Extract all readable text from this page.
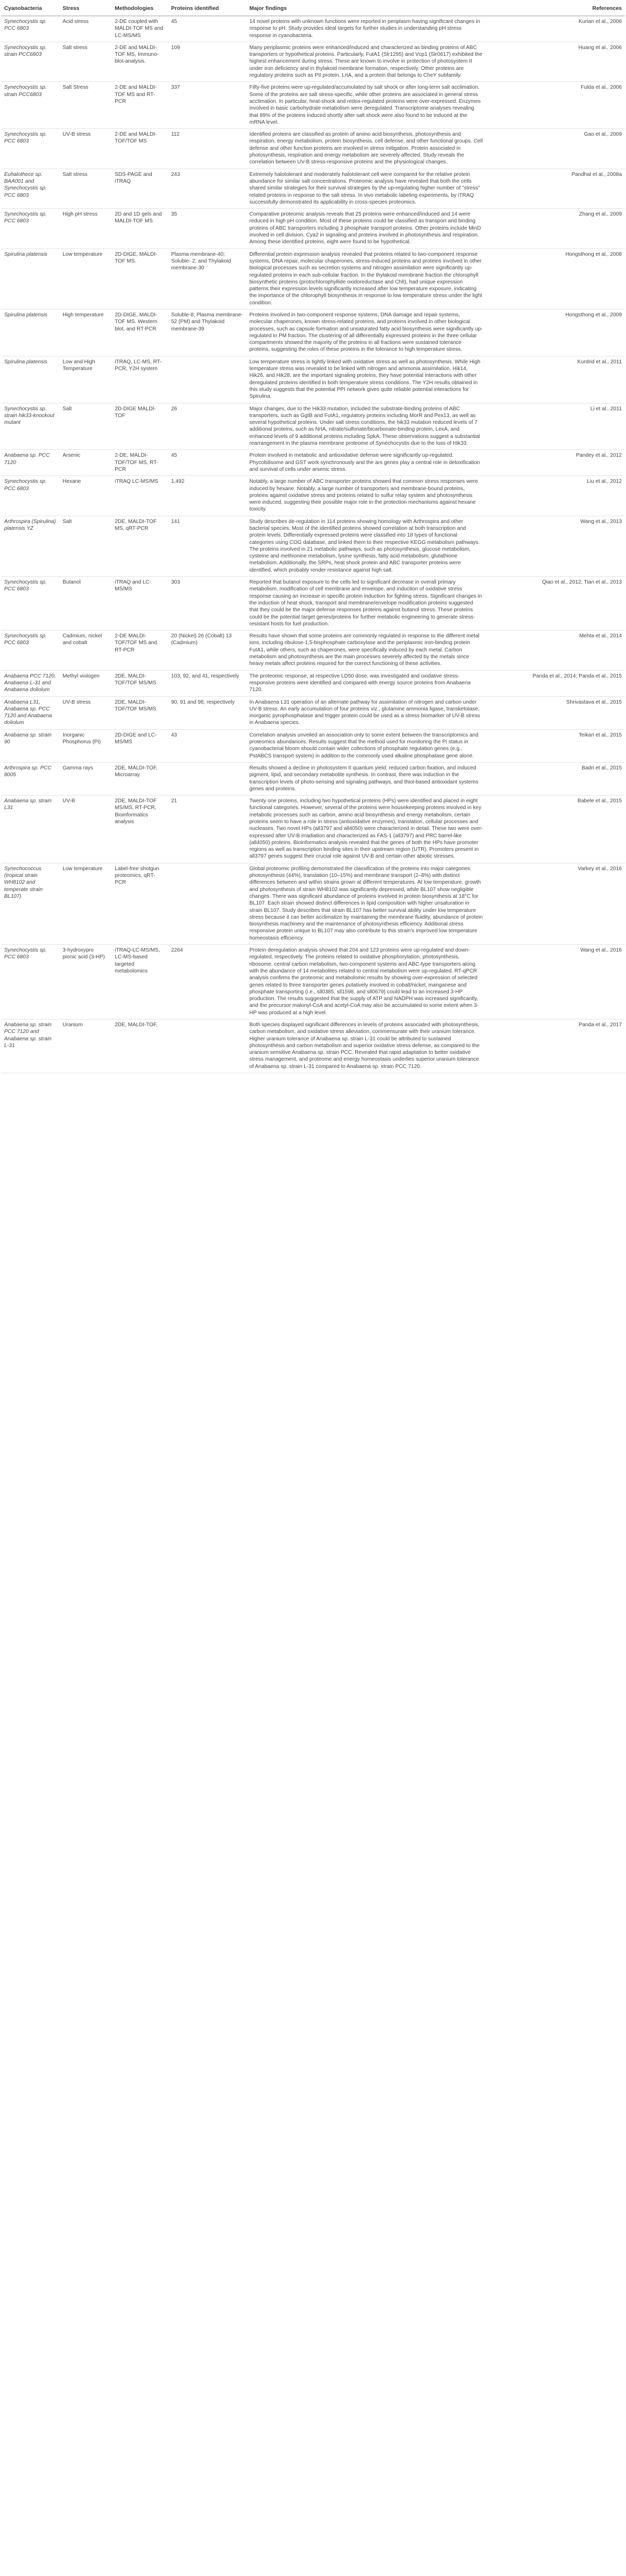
Cyanobacteria	Stress	Methodologies	Proteins identified	Major findings	References
Synechocystis sp. PCC 6803	Acid stress	2-DE coupled with MALDI-TOF MS and LC-MS/MS	45	14 novel proteins with unknown functions were reported in periplasm having significant changes in response to pH. Study provides ideal targets for further studies in understanding pH stress response in cyanobacteria.	Kurian et al., 2006
Synechocystis sp. strain PCC6803	Salt stress	2-DE and MALDI-TOF MS, Immuno-blot-analysis.	109	Many periplasmic proteins were enhanced/induced and characterized as binding proteins of ABC transporters or hypothetical proteins. Particularly, FutA1 (Slr1295) and Vcp1 (Slr0617) exhibited the highest enhancement during stress. These are known to involve in protection of photosystem II under iron deficiency and in thylakoid membrane formation, respectively. Other proteins are regulatory proteins such as PII protein, LrtA, and a protein that belongs to CheY subfamily.	Huang et al., 2006
Synechocystis sp. strain PCC6803	Salt Stress	2-DE and MALDI-TOF MS and RT-PCR	337	Fifty-five proteins were up-regulated/accumulated by salt shock or after long-term salt acclimation. Some of the proteins are salt stress-specific, while other proteins are associated in general stress acclimation. In particular, heat-shock and redox-regulated proteins were over-expressed. Enzymes involved in basic carbohydrate metabolism were deregulated. Transcriptome analyses revealing that 89% of the proteins induced shortly after salt shock were also found to be induced at the mRNA level.	Fulda et al., 2006
Synechocystis sp. PCC 6803	UV-B stress	2-DE and MALDI-TOF/TOF MS	112	Identified proteins are classified as protein of amino acid biosynthesis, photosynthesis and respiration, energy metabolism, protein biosynthesis, cell defense, and other functional groups. Cell defense and other function proteins are involved in stress mitigation. Protein associated in photosynthesis, respiration and energy metabolism are severely affected. Study reveals the correlation between UV-B stress-responsive proteins and the physiological changes.	Gao et al., 2009
Euhalothece sp. BAA001 and Synechocystis sp. PCC 6803	Salt stress	SDS-PAGE and iTRAQ	243	Extremely halotolerant and moderately halotolerant cell were compared for the relative protein abundance for similar salt concentrations. Proteomic analysis have revealed that both the cells shared similar strategies for their survival strategies by the up-regulating higher number of "stress" related proteins in response to the salt stress. In vivo metabolic labeling experiments, by iTRAQ successfully demonstrated its applicability in cross-species proteomics.	Pandhal et al., 2008a
Synechocystis sp. PCC 6803	High pH stress	2D and 1D gels and MALDI-TOF MS	35	Comparative proteomic analysis reveals that 25 proteins were enhanced/induced and 14 were reduced in high pH condition. Most of these proteins could be classified as transport and binding proteins of ABC transporters including 3 phosphate transport proteins. Other proteins include MinD involved in cell division, Cya2 in signaling and proteins involved in photosynthesis and respiration. Among these identified proteins, eight were found to be hypothetical.	Zhang et al., 2009
Spirulina platensis	Low temperature	2D-DIGE, MALDI-TOF MS.	Plasma membrane-40; Soluble- 2; and Thylakoid membrane-30	Differential protein expression analysis revealed that proteins related to two-component response systems, DNA repair, molecular chaperones, stress-induced proteins and proteins involved in other biological processes such as secretion systems and nitrogen assimilation were significantly up-regulated proteins in each sub-cellular fraction. In the thylakoid membrane fraction the chlorophyll biosynthetic proteins (protochlorophyllide oxidoreductase and ChlI), had unique expression patterns their expression levels significantly increased after low temperature exposure, indicating the importance of the chlorophyll biosynthesis in response to low temperature stress under the light condition.	Hongsthong et al., 2008
Spirulina platensis	High temperature	2D-DIGE, MALDI-TOF MS. Western blot, and RT-PCR	Soluble-8; Plasma membrane-52 (PM) and Thylakoid membrane-39	Proteins involved in two-component response systems, DNA damage and repair systems, molecular chaperones, known stress-related proteins, and proteins involved in other biological processes, such as capsule formation and unsaturated fatty acid biosynthesis were significantly up-regulated in PM fraction. The clustering of all differentially expressed proteins in the three cellular compartments showed the majority of the proteins in all fractions were sustained tolerance proteins, suggesting the roles of these proteins in the tolerance to high temperature stress.	Hongsthong et al., 2009
Spirulina platensis	Low and High Temperature	iTRAQ, LC-MS, RT-PCR, Y2H system		Low temperature stress is tightly linked with oxidative stress as well as photosynthesis. While High temperature stress was revealed to be linked with nitrogen and ammonia assimilation. Hik14, Hik26, and Hik28, are the important signaling proteins, they have potential interactions with other deregulated proteins identified in both temperature stress conditions. The Y2H results obtained in this study suggests that the potential PPI network gives quite reliable potential interactions for Spirulina.	Kurdrid et al., 2011
Synechocystis sp. strain hik33-knockout mutant	Salt	2D-DIGE MALDI-TOF	26	Major changes, due to the Hik33 mutation, included the substrate-binding proteins of ABC transporters, such as GgtB and FutA1, regulatory proteins including MorR and Pex13, as well as several hypothetical proteins. Under salt stress conditions, the hik33 mutation reduced levels of 7 additional proteins, such as NrtA, nitrate/sulfonate/bicarbonate-binding protein, LexA, and enhanced levels of 9 additional proteins including SpkA. These observations suggest a substantial rearrangement in the plasma membrane proteome of Synechocystis due to the loss of Hik33.	Li et al., 2011
Anabaena sp. PCC 7120	Arsenic	2-DE, MALDI-TOF/TOF MS, RT-PCR	45	Protein involved in metabolic and antioxidative defense were significantly up-regulated. Phycobilisome and GST work synchronously and the ars genes play a central role in detoxification and survival of cells under arsenic stress.	Pandey et al., 2012
Synechocystis sp. PCC 6803	Hexane	iTRAQ LC-MS/MS	1,492	Notably, a large number of ABC transporter proteins showed that common stress responses were induced by hexane. Notably, a large number of transporters and membrane-bound proteins, proteins against oxidative stress and proteins related to sulfur relay system and photosynthesis were induced, suggesting their possible major role in the protection mechanisms against hexane toxicity.	Liu et al., 2012
Arthrospira (Spirulina) platensis YZ	Salt	2DE, MALDI-TOF MS, qRT-PCR	141	Study describes de-regulation in 114 proteins showing homology with Arthrospira and other bacterial species. Most of the identified proteins showed correlation at both transcription and protein levels. Differentially expressed proteins were classified into 18 types of functional categories using COG database, and linked them to their respective KEGG metabolism pathways. The proteins involved in 21 metabolic pathways, such as photosynthesis, glucose metabolism, cysteine and methionine metabolism, lysine synthesis, fatty acid metabolism, glutathione metabolism. Additionally, the SRPs, heat shock protein and ABC transporter proteins were identified, which probably render resistance against high salt.	Wang et al., 2013
Synechocystis sp. PCC 6803	Butanol	iTRAQ and LC-MS/MS	303	Reported that butanol exposure to the cells led to significant decrease in overall primary metabolism, modification of cell membrane and envelope, and induction of oxidative stress response causing an increase in specific protein induction for fighting stress. Significant changes in the induction of heat shock, transport and membrane/envelope modification proteins suggested that they could be the major defense responses proteins against butanol stress. These proteins could be the potential target genes/proteins for further metabolic engineering to generate stress-resistant hosts for fuel production.	Qiao et al., 2012; Tian et al., 2013
Synechocystis sp. PCC 6803	Cadmium, nickel and cobalt	2-DE MALDI-TOF/TOF MS and RT-PCR	20 (Nickel) 26 (Cobalt) 13 (Cadmium)	Results have shown that some proteins are commonly regulated in response to the different metal ions, including ribulose-1,5-bisphosphate carboxylase and the periplasmic iron-binding protein FutA1, while others, such as chaperones, were specifically induced by each metal. Carbon metabolism and photosynthesis are the main processes severely affected by the metals since heavy metals affect proteins required for the correct functioning of these activities.	Mehta et al., 2014
Anabaena PCC 7120, Anabaena L-31 and Anabaena doliolum	Methyl viologen	2DE, MALDI-TOF/TOF MS/MS	103, 92, and 41, respectively	The proteomic response, at respective LD50 dose, was investigated and oxidative stress-responsive proteins were identified and compared with energy source proteins from Anabaena 7120.	Panda et al., 2014; Panda et al., 2015
Anabaena L31, Anabaena sp. PCC 7120 and Anabaena doliolum	UV-B stress	2DE, MALDI-TOF/TOF MS/MS	90, 91 and 98, respectively	In Anabaena L31 operation of an alternate pathway for assimilation of nitrogen and carbon under UV-B stress. An early accumulation of four proteins viz., glutamine ammonia ligase, transketolase, inorganic pyrophosphatase and trigger protein could be used as a stress biomarker of UV-B stress in Anabaena species.	Shrivastava et al., 2015
Anabaena sp. strain 90	Inorganic Phosphorus (Pi)	2D-DIGE and LC-MS/MS	43	Correlation analysis unveiled an association only to some extent between the transcriptomics and proteomics abundances. Results suggest that the method used for monitoring the Pi status in cyanobacterial bloom should contain wider collections of phosphate regulation genes (e.g., PstABCS transport system) in addition to the commonly used alkaline phosphatase gene alone.	Teikari et al., 2015
Arthrospira sp. PCC 8005	Gamma rays	2DE, MALDI-TOF, Microarray		Results showed a decline in photosystem II quantum yield, reduced carbon fixation, and induced pigment, lipid, and secondary metabolite synthesis. In contrast, there was induction in the transcription levels of photo-sensing and signaling pathways, and thiol-based antioxidant systems genes and proteins.	Badri et al., 2015
Anabaena sp. strain L31	UV-B	2DE, MALDI-TOF MS/MS, RT-PCR, Bioinformatics analysis	21	Twenty one proteins, including two hypothetical proteins (HPs) were identified and placed in eight functional categories. However, several of the proteins were housekeeping proteins involved in key metabolic processes such as carbon, amino acid biosynthesis and energy metabolism, certain proteins seem to have a role in stress (antioxidative enzymes), translation, cellular processes and nucleases. Two novel HPs (all3797 and all4050) were characterized in detail. These two were over-expressed after UV-B irradiation and characterized as FAS-1 (all3797) and PRC barrel-like (all4050) proteins. Bioinformatics analysis revealed that the genes of both the HPs have promoter regions as well as transcription binding sites in their upstream region (UTR). Promoters present in all3797 genes suggest their crucial role against UV-B and certain other abiotic stresses.	Babele et al., 2015
Synechococcus (tropical strain WH8102 and temperate strain BL107)	Low temperature	Label-free shotgun proteomics, qRT-PCR		Global proteomic profiling demonstrated the classification of the proteins into major categories: photosynthesis (44%), translation (10–15%) and membrane transport (2–8%) with distinct differences between and within strains grown at different temperatures. At low temperature, growth and photosynthesis of strain WH8102 was significantly depressed, while BL107 show negligible changes. There was significant abundance of proteins involved in protein biosynthesis at 18°C for BL107. Each strain showed distinct differences in lipid composition with higher unsaturation in strain BL107. Study describes that strain BL107 has better survival ability under low temperature stress because it can better acclimatize by maintaining the membrane fluidity, abundance of protein biosynthesis machinery and the maintenance of photosynthesis efficiency. Additional stress responsive protein unique to BL107 may also contribute to this strain's improved low temperature homeostasis efficiency.	Varkey et al., 2016
Synechocystis sp. PCC 6803	3-hydroxypro pionic acid (3-HP)	iTRAQ-LC-MS/MS, LC-MS-based targeted metabolomics	2264	Protein deregulation analysis showed that 204 and 123 proteins were up-regulated and down-regulated, respectively. The proteins related to oxidative phosphorylation, photosynthesis, ribosome, central carbon metabolism, two-component systems and ABC-type transporters along with the abundance of 14 metabolites related to central metabolism were up-regulated. RT-qPCR analysis confirms the proteomic and metabolomic results by showing over-expression of selected genes related to three transporter genes putatively involved in cobalt/nickel, manganese and phosphate transporting (i.e., sll0385, sll1598, and sll0679) could lead to an increased 3-HP production. The results suggested that the supply of ATP and NADPH was increased significantly, and the precursor malonyl-CoA and acetyl-CoA may also be accumulated to some extent when 3-HP was produced at a high level.	Wang et al., 2016
Anabaena sp. strain PCC 7120 and Anabaena sp. strain L-31	Uranium	2DE, MALDI-TOF,		Both species displayed significant differences in levels of proteins associated with photosynthesis, carbon metabolism, and oxidative stress alleviation, commensurate with their uranium tolerance. Higher uranium tolerance of Anabaena sp. strain L-31 could be attributed to sustained photosynthesis and carbon metabolism and superior oxidative stress defense, as compared to the uranium sensitive Anabaena sp. strain PCC. Revealed that rapid adaptation to better oxidative stress management, and proteome and energy homeostasis underlies superior uranium tolerance of Anabaena sp. strain L-31 compared to Anabaena sp. strain PCC 7120.	Panda et al., 2017
